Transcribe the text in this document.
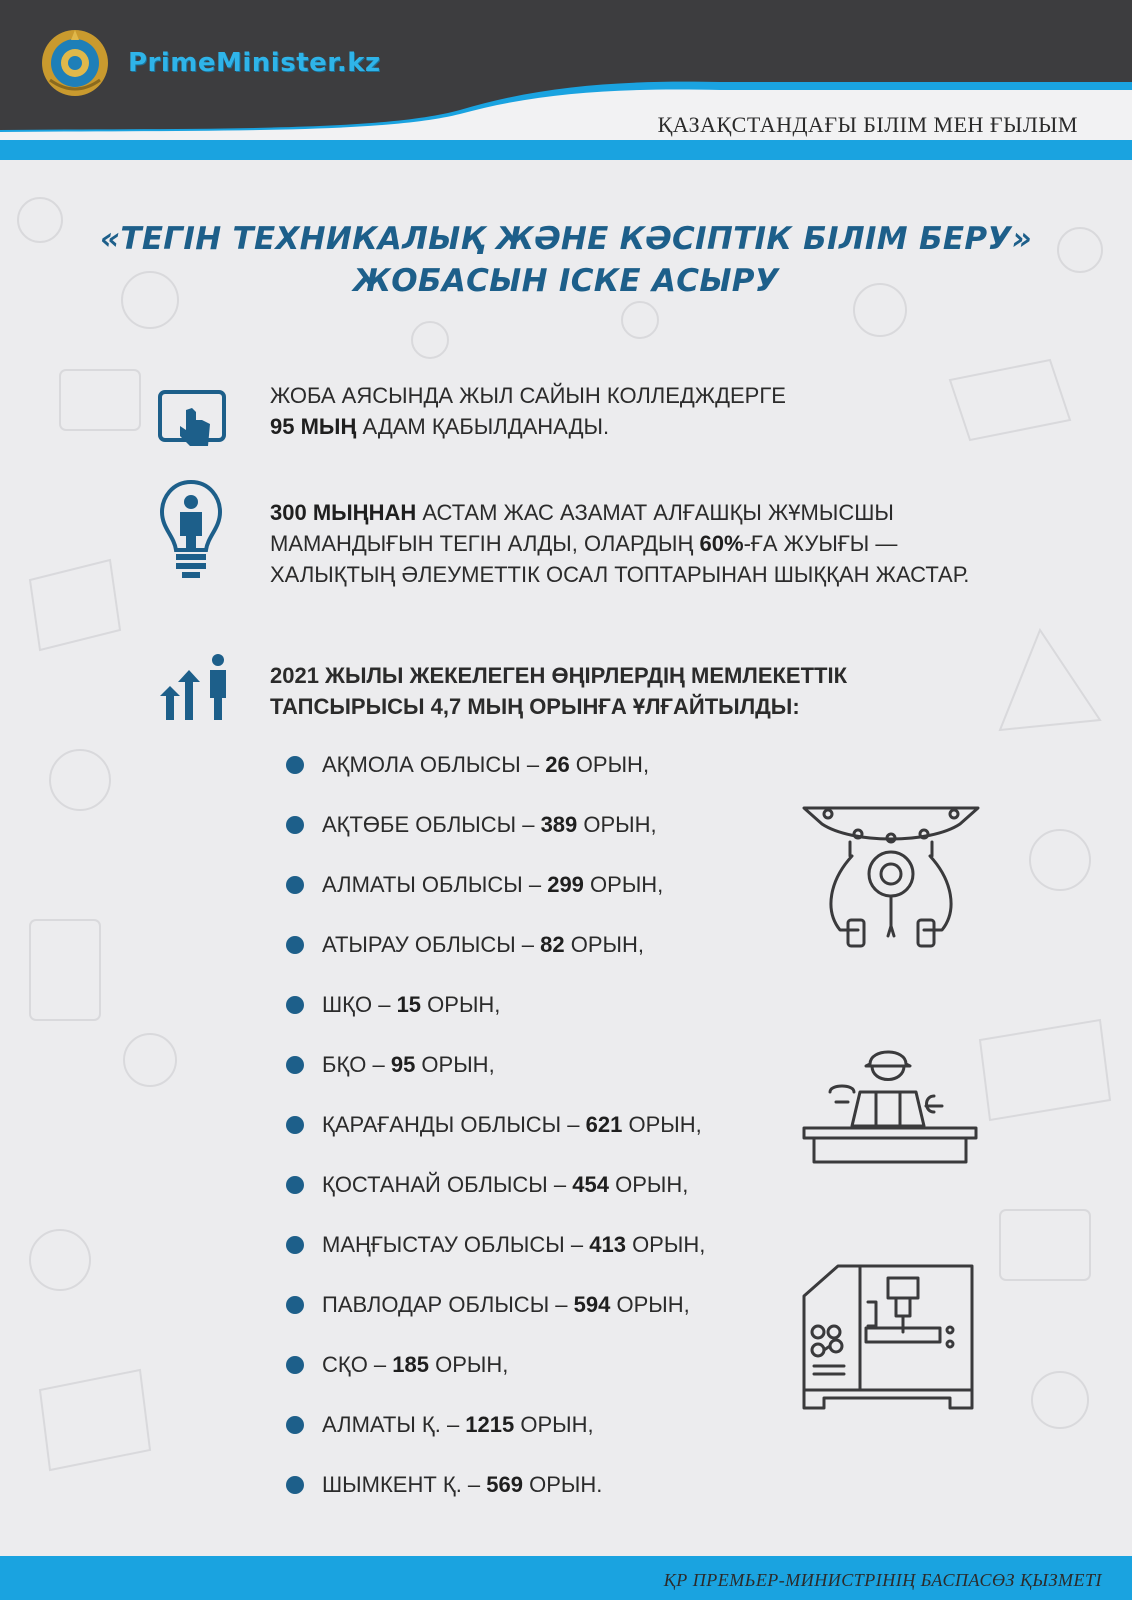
PrimeMinister.kz
ҚАЗАҚСТАНДАҒЫ БІЛІМ МЕН ҒЫЛЫМ
«ТЕГІН ТЕХНИКАЛЫҚ ЖӘНЕ КӘСІПТІК БІЛІМ БЕРУ»
ЖОБАСЫН ІСКЕ АСЫРУ
ЖОБА АЯСЫНДА ЖЫЛ САЙЫН КОЛЛЕДЖДЕРГЕ
95 МЫҢ АДАМ ҚАБЫЛДАНАДЫ.
300 МЫҢНАН АСТАМ ЖАС АЗАМАТ АЛҒАШҚЫ ЖҰМЫСШЫ
МАМАНДЫҒЫН ТЕГІН АЛДЫ, ОЛАРДЫҢ 60%-ҒА ЖУЫҒЫ —
ХАЛЫҚТЫҢ ӘЛЕУМЕТТІК ОСАЛ ТОПТАРЫНАН ШЫҚҚАН ЖАСТАР.
2021 ЖЫЛЫ ЖЕКЕЛЕГЕН ӨҢІРЛЕРДІҢ МЕМЛЕКЕТТІК
ТАПСЫРЫСЫ 4,7 МЫҢ ОРЫНҒА ҰЛҒАЙТЫЛДЫ:
АҚМОЛА ОБЛЫСЫ – 26 ОРЫН,
АҚТӨБЕ ОБЛЫСЫ – 389 ОРЫН,
АЛМАТЫ ОБЛЫСЫ – 299 ОРЫН,
АТЫРАУ ОБЛЫСЫ – 82 ОРЫН,
ШҚО – 15 ОРЫН,
БҚО – 95 ОРЫН,
ҚАРАҒАНДЫ ОБЛЫСЫ – 621 ОРЫН,
ҚОСТАНАЙ ОБЛЫСЫ – 454 ОРЫН,
МАҢҒЫСТАУ ОБЛЫСЫ – 413 ОРЫН,
ПАВЛОДАР ОБЛЫСЫ – 594 ОРЫН,
СҚО – 185 ОРЫН,
АЛМАТЫ Қ. – 1215 ОРЫН,
ШЫМКЕНТ Қ. – 569 ОРЫН.
ҚР ПРЕМЬЕР-МИНИСТРІНІҢ БАСПАСӨЗ ҚЫЗМЕТІ
